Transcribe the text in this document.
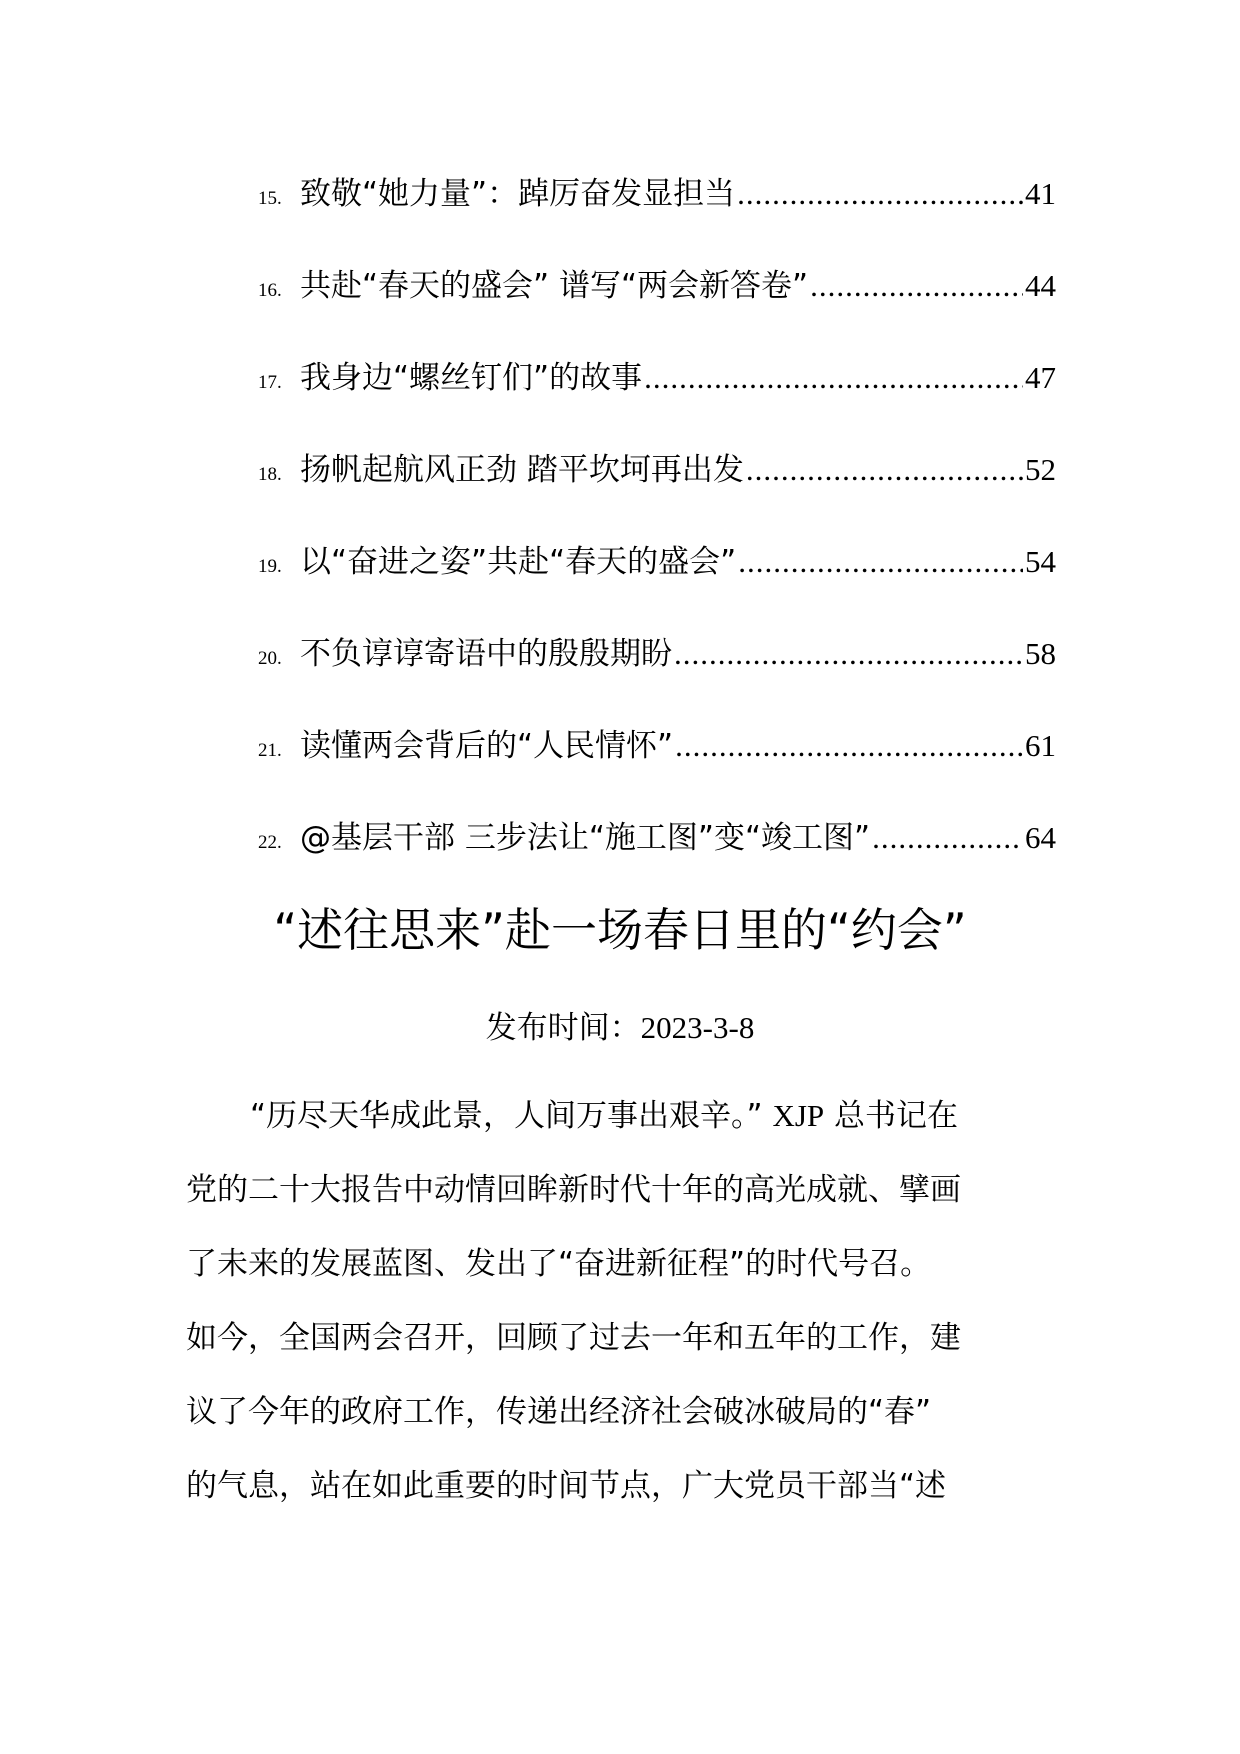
15. 致敬“她力量”：踔厉奋发显担当 .....	41
16. 共赴“春天的盛会” 谱写“两会新答卷” .....	44
17. 我身边“螺丝钉们”的故事 .....	47
18. 扬帆起航风正劲 踏平坎坷再出发 .....	52
19. 以“奋进之姿”共赴“春天的盛会” .....	54
20. 不负谆谆寄语中的殷殷期盼 .....	58
21. 读懂两会背后的“人民情怀” .....	61
22. @基层干部 三步法让“施工图”变“竣工图” .....	64
“述往思来”赴一场春日里的“约会”
发布时间：2023-3-8
“历尽天华成此景，人间万事出艰辛。” XJP 总书记在
党的二十大报告中动情回眸新时代十年的高光成就、擘画
了未来的发展蓝图、发出了“奋进新征程”的时代号召。
如今，全国两会召开，回顾了过去一年和五年的工作，建
议了今年的政府工作，传递出经济社会破冰破局的“春”
的气息，站在如此重要的时间节点，广大党员干部当“述
